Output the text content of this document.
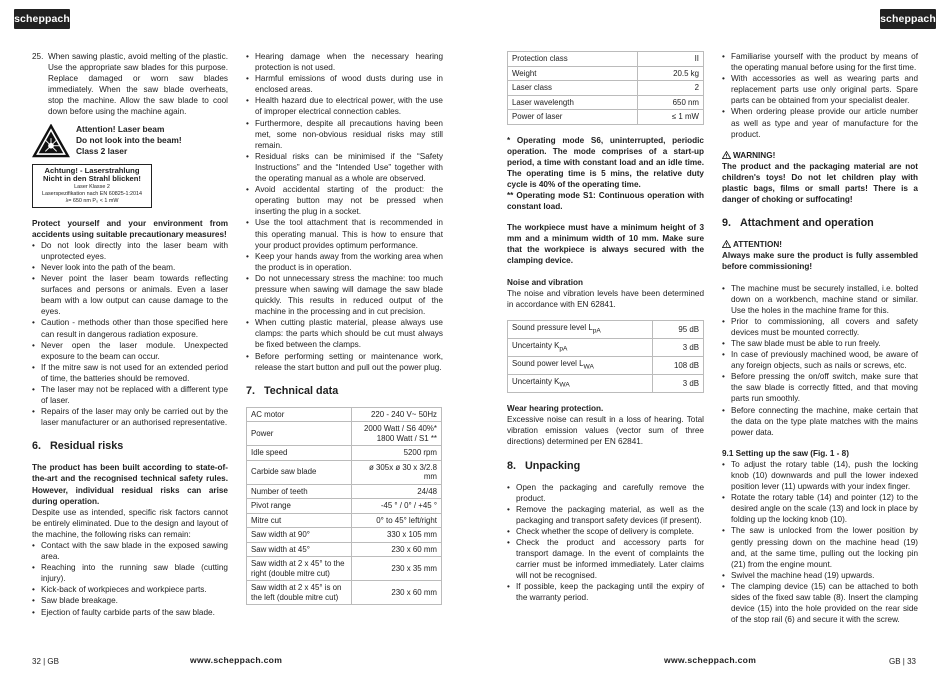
scheppach	scheppach
25. When sawing plastic, avoid melting of the plastic. Use the appropriate saw blades for this purpose. Replace damaged or worn saw blades immediately. When the saw blade overheats, stop the machine. Allow the saw blade to cool down before using the machine again.
Attention! Laser beam
Do not look into the beam!
Class 2 laser
Achtung! - Laserstrahlung
Nicht in den Strahl blicken!
Laser Klasse 2
Laserspezifikation nach EN 60825-1:2014
λ= 650 nm P₀ < 1 mW

Protect yourself and your environment from accidents using suitable precautionary measures!

• Do not look directly into the laser beam with unprotected eyes.
• Never look into the path of the beam.
• Never point the laser beam towards reflecting surfaces and persons or animals. Even a laser beam with a low output can cause damage to the eyes.
• Caution - methods other than those specified here can result in dangerous radiation exposure.
• Never open the laser module. Unexpected exposure to the beam can occur.
• If the mitre saw is not used for an extended period of time, the batteries should be removed.
• The laser may not be replaced with a different type of laser.
• Repairs of the laser may only be carried out by the laser manufacturer or an authorised representative.
6. Residual risks

The product has been built according to state-of-the-art and the recognised technical safety rules. However, individual residual risks can arise during operation.

Despite use as intended, specific risk factors cannot be entirely eliminated. Due to the design and layout of the machine, the following risks can remain:

• Contact with the saw blade in the exposed sawing area.
• Reaching into the running saw blade (cutting injury).
• Kick-back of workpieces and workpiece parts.
• Saw blade breakage.
• Ejection of faulty carbide parts of the saw blade.
• Hearing damage when the necessary hearing protection is not used.
• Harmful emissions of wood dusts during use in enclosed areas.
• Health hazard due to electrical power, with the use of improper electrical connection cables.
• Furthermore, despite all precautions having been met, some non-obvious residual risks may still remain.
• Residual risks can be minimised if the “Safety Instructions” and the “Intended Use” together with the operating manual as a whole are observed.
• Avoid accidental starting of the product: the operating button may not be pressed when inserting the plug in a socket.
• Use the tool attachment that is recommended in this operating manual. This is how to ensure that your product provides optimum performance.
• Keep your hands away from the working area when the product is in operation.
• Do not unnecessary stress the machine: too much pressure when sawing will damage the saw blade quickly. This results in reduced output of the machine in the processing and in cut precision.
• When cutting plastic material, please always use clamps: the parts which should be cut must always be fixed between the clamps.
• Before performing setting or maintenance work, release the start button and pull out the power plug.
7. Technical data
AC motor	220 - 240 V~ 50Hz
Power	2000 Watt / S6 40%* 1800 Watt / S1 **
Idle speed	5200 rpm
Carbide saw blade	ø 305x ø 30 x 3/2.8 mm
Number of teeth	24/48
Pivot range	-45 ° / 0° / +45 °
Mitre cut	0° to 45° left/right
Saw width at 90°	330 x 105 mm
Saw width at 45°	230 x 60 mm
Saw width at 2 x 45° to the right (double mitre cut)	230 x 35 mm
Saw width at 2 x 45° is on the left (double mitre cut)	230 x 60 mm
Protection class	II
Weight	20.5 kg
Laser class	2
Laser wavelength	650 nm
Power of laser	≤ 1 mW

* Operating mode S6, uninterrupted, periodic operation. The mode comprises of a start-up period, a time with constant load and an idle time. The operating time is 5 mins, the relative duty cycle is 40% of the operating time.

** Operating mode S1: Continuous operation with constant load.

The workpiece must have a minimum height of 3 mm and a minimum width of 10 mm. Make sure that the workpiece is always secured with the clamping device.

Noise and vibration

The noise and vibration levels have been determined in accordance with EN 62841.

Sound pressure level $L_{pA}$	95 dB
Uncertainty $K_{pA}$	3 dB
Sound power level $L_{WA}$	108 dB
Uncertainty $K_{WA}$	3 dB

Wear hearing protection.

Excessive noise can result in a loss of hearing. Total vibration emission values (vector sum of three directions) determined per EN 62841.

8. Unpacking
• Open the packaging and carefully remove the product.
• Remove the packaging material, as well as the packaging and transport safety devices (if present).
• Check whether the scope of delivery is complete.
• Check the product and accessory parts for transport damage. In the event of complaints the carrier must be informed immediately. Later claims will not be recognised.
• If possible, keep the packaging until the expiry of the warranty period.
• Familiarise yourself with the product by means of the operating manual before using for the first time.
• With accessories as well as wearing parts and replacement parts use only original parts. Spare parts can be obtained from your specialist dealer.
• When ordering please provide our article number as well as type and year of manufacture for the product.

WARNING!

The product and the packaging material are not children's toys! Do not let children play with plastic bags, films or small parts! There is a danger of choking or suffocating!

9. Attachment and operation

ATTENTION!

Always make sure the product is fully assembled before commissioning!

• The machine must be securely installed, i.e. bolted down on a workbench, machine stand or similar. Use the holes in the machine frame for this.
• Prior to commissioning, all covers and safety devices must be mounted correctly.
• The saw blade must be able to run freely.
• In case of previously machined wood, be aware of any foreign objects, such as nails or screws, etc.
• Before pressing the on/off switch, make sure that the saw blade is correctly fitted, and that moving parts run smoothly.
• Before connecting the machine, make certain that the data on the type plate matches with the mains power data.

9.1 Setting up the saw (Fig. 1 - 8)

• To adjust the rotary table (14), push the locking knob (10) downwards and pull the lower indexed position lever (11) upwards with your index finger.
• Rotate the rotary table (14) and pointer (12) to the desired angle on the scale (13) and lock in place by folding up the locking knob (10).
• The saw is unlocked from the lower position by gently pressing down on the machine head (19) and, at the same time, pulling out the locking pin (21) from the engine mount.
• Swivel the machine head (19) upwards.
• The clamping device (15) can be attached to both sides of the fixed saw table (8). Insert the clamping device (15) into the hole provided on the rear side of the stop rail (6) and secure it with the screw.
32 | GB	www.scheppach.com	www.scheppach.com	GB | 33
